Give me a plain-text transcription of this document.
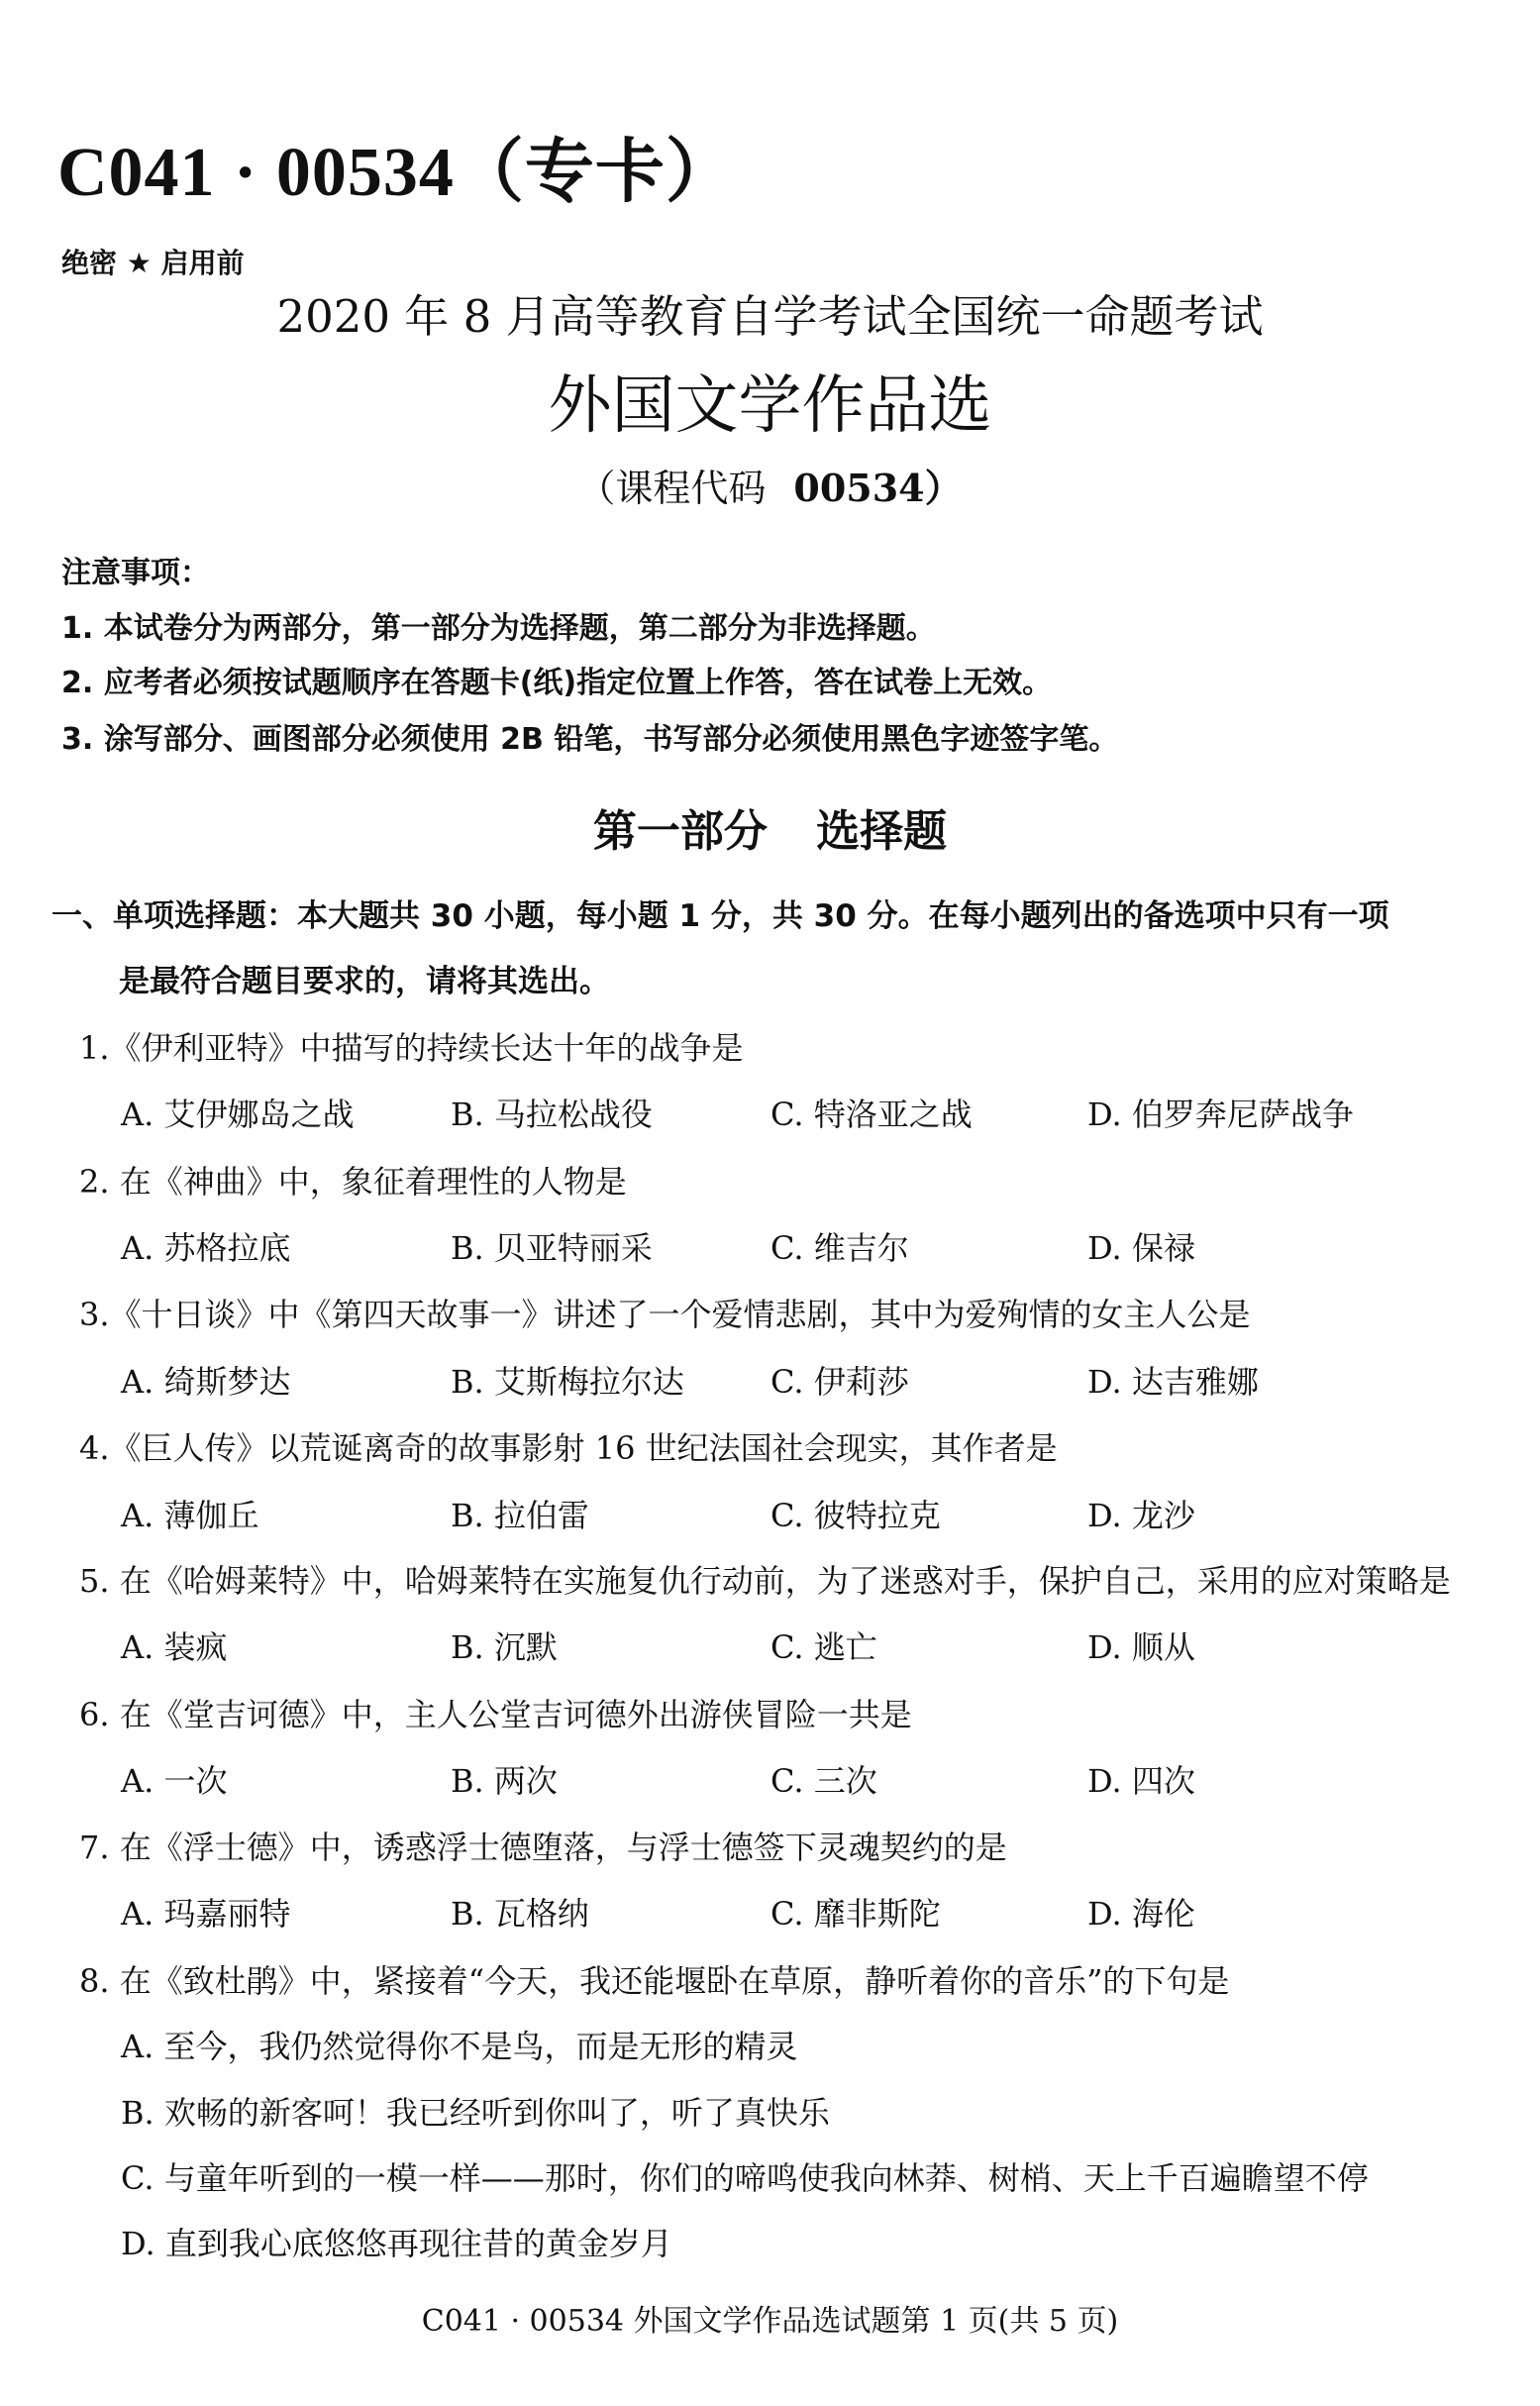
C041 · 00534（专卡）
绝密 ★ 启用前
2020 年 8 月高等教育自学考试全国统一命题考试
外国文学作品选
（课程代码 00534）
注意事项：
1. 本试卷分为两部分，第一部分为选择题，第二部分为非选择题。
2. 应考者必须按试题顺序在答题卡(纸)指定位置上作答，答在试卷上无效。
3. 涂写部分、画图部分必须使用 2B 铅笔，书写部分必须使用黑色字迹签字笔。
第一部分 选择题
一、单项选择题：本大题共 30 小题，每小题 1 分，共 30 分。在每小题列出的备选项中只有一项
是最符合题目要求的，请将其选出。
1.《伊利亚特》中描写的持续长达十年的战争是
A. 艾伊娜岛之战	B. 马拉松战役	C. 特洛亚之战	D. 伯罗奔尼萨战争
2. 在《神曲》中，象征着理性的人物是
A. 苏格拉底	B. 贝亚特丽采	C. 维吉尔	D. 保禄
3.《十日谈》中《第四天故事一》讲述了一个爱情悲剧，其中为爱殉情的女主人公是
A. 绮斯梦达	B. 艾斯梅拉尔达	C. 伊莉莎	D. 达吉雅娜
4.《巨人传》以荒诞离奇的故事影射 16 世纪法国社会现实，其作者是
A. 薄伽丘	B. 拉伯雷	C. 彼特拉克	D. 龙沙
5. 在《哈姆莱特》中，哈姆莱特在实施复仇行动前，为了迷惑对手，保护自己，采用的应对策略是
A. 装疯	B. 沉默	C. 逃亡	D. 顺从
6. 在《堂吉诃德》中，主人公堂吉诃德外出游侠冒险一共是
A. 一次	B. 两次	C. 三次	D. 四次
7. 在《浮士德》中，诱惑浮士德堕落，与浮士德签下灵魂契约的是
A. 玛嘉丽特	B. 瓦格纳	C. 靡非斯陀	D. 海伦
8. 在《致杜鹃》中，紧接着“今天，我还能堰卧在草原，静听着你的音乐”的下句是
A. 至今，我仍然觉得你不是鸟，而是无形的精灵
B. 欢畅的新客呵！我已经听到你叫了，听了真快乐
C. 与童年听到的一模一样——那时，你们的啼鸣使我向林莽、树梢、天上千百遍瞻望不停
D. 直到我心底悠悠再现往昔的黄金岁月
C041 · 00534 外国文学作品选试题第 1 页(共 5 页)
